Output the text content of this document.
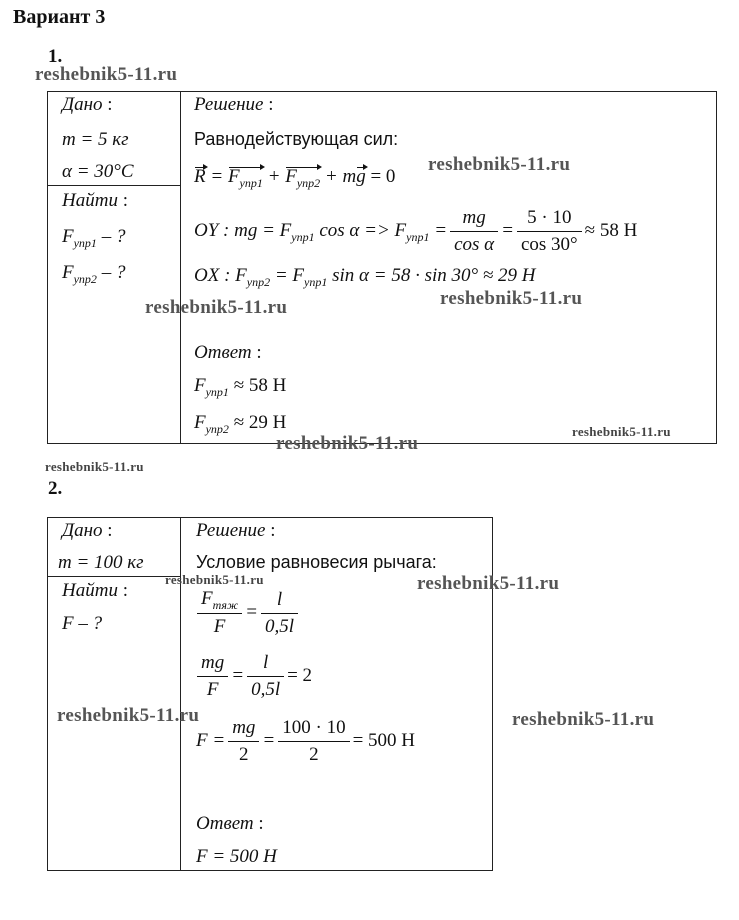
Вариант 3
1.
Дано :
m = 5 кг
α = 30°C
Найти :
$F_{упр1}$ – ?
$F_{упр2}$ – ?
Решение :
Равнодействующая сил:
$R = F_{упр1} + F_{упр2}$ + mg = 0
OY : mg = $F_{упр1}$ $\cos \alpha => F_{упр1} = \frac{mg}{\text{cos α}} = \frac{5 \cdot 10}{\cos 30^\circ} \approx 58$ Н
OX : $F_{упр2} = F_{упр1}$ sin α = 58 · sin 30° ≈ 29 Н
Ответ :
$F_{упр1} \approx 58$ Н
$F_{упр2} \approx 29$ Н
2.
Дано :
m = 100 кг
Найти :
F – ?
Решение :
Условие равновесия рычага:
$\frac{F_{тяж}}{F} = \frac{l}{0,5l}$
$\frac{mg}{F} = \frac{l}{0,5l} = 2$
$F = \frac{mg}{2} = \frac{100 \cdot 10}{2} = 500$ Н
Ответ :
F = 500 Н
reshebnik5-11.ru
reshebnik5-11.ru
reshebnik5-11.ru	reshebnik5-11.ru
reshebnik5-11.ru
reshebnik5-11.ru
reshebnik5-11.ru
reshebnik5-11.ru	reshebnik5-11.ru
reshebnik5-11.ru	reshebnik5-11.ru
